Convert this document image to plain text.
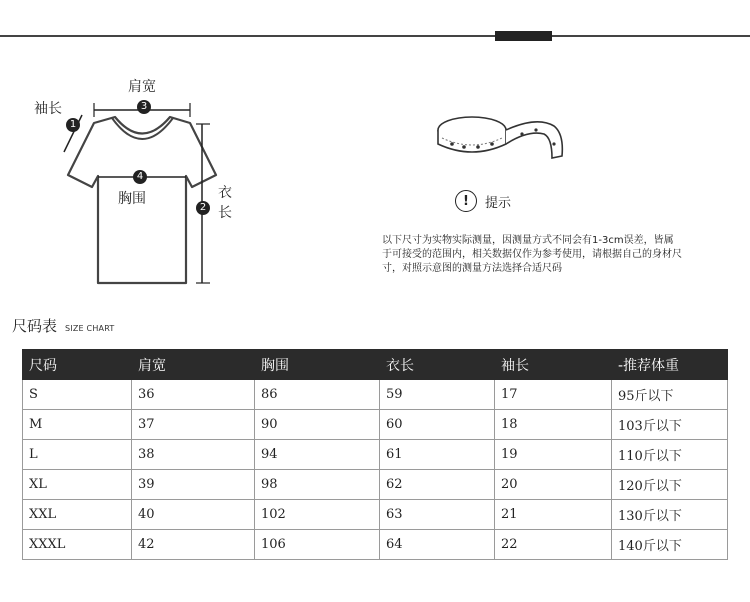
3
4
2
1
袖长
肩宽
胸围	衣
长
!	提示
以下尺寸为实物实际测量，因测量方式不同会有1-3cm误差，皆属于可接受的范围内，相关数据仅作为参考使用，请根据自己的身材尺寸，对照示意图的测量方法选择合适尺码
尺码表 SIZE CHART
尺码	肩宽	胸围	衣长	袖长	-推荐体重
S	36	86	59	17	95斤以下
M	37	90	60	18	103斤以下
L	38	94	61	19	110斤以下
XL	39	98	62	20	120斤以下
XXL	40	102	63	21	130斤以下
XXXL	42	106	64	22	140斤以下
